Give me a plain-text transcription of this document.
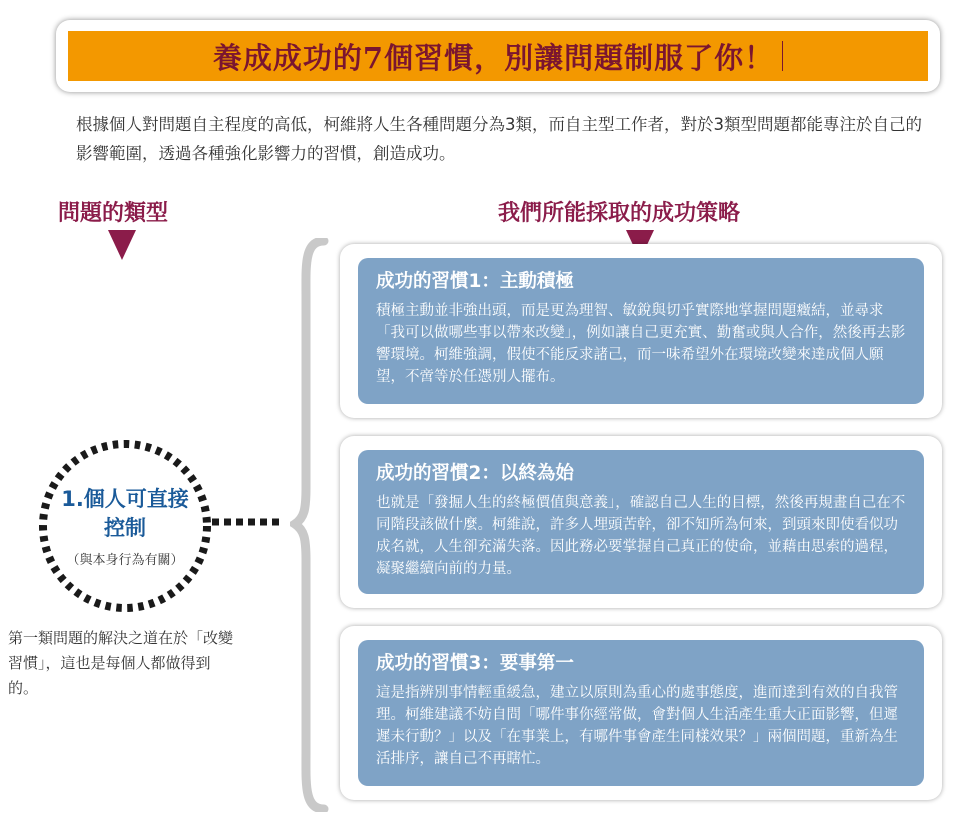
養成成功的7個習慣，別讓問題制服了你！
根據個人對問題自主程度的高低，柯維將人生各種問題分為3類，而自主型工作者，對於3類型問題都能專注於自己的影響範圍，透過各種強化影響力的習慣，創造成功。
問題的類型	我們所能採取的成功策略
1.個人可直接控制
（與本身行為有關）
第一類問題的解決之道在於「改變習慣」，這也是每個人都做得到的。
成功的習慣1：主動積極
積極主動並非強出頭，而是更為理智、敏銳與切乎實際地掌握問題癥結，並尋求「我可以做哪些事以帶來改變」，例如讓自己更充實、勤奮或與人合作，然後再去影響環境。柯維強調，假使不能反求諸己，而一味希望外在環境改變來達成個人願望，不啻等於任憑別人擺布。
成功的習慣2：以終為始
也就是「發掘人生的終極價值與意義」，確認自己人生的目標，然後再規畫自己在不同階段該做什麼。柯維說，許多人埋頭苦幹，卻不知所為何來，到頭來即使看似功成名就，人生卻充滿失落。因此務必要掌握自己真正的使命，並藉由思索的過程，凝聚繼續向前的力量。
成功的習慣3：要事第一
這是指辨別事情輕重緩急，建立以原則為重心的處事態度，進而達到有效的自我管理。柯維建議不妨自問「哪件事你經常做，會對個人生活產生重大正面影響，但遲遲未行動？」以及「在事業上，有哪件事會產生同樣效果？」兩個問題，重新為生活排序，讓自己不再瞎忙。
